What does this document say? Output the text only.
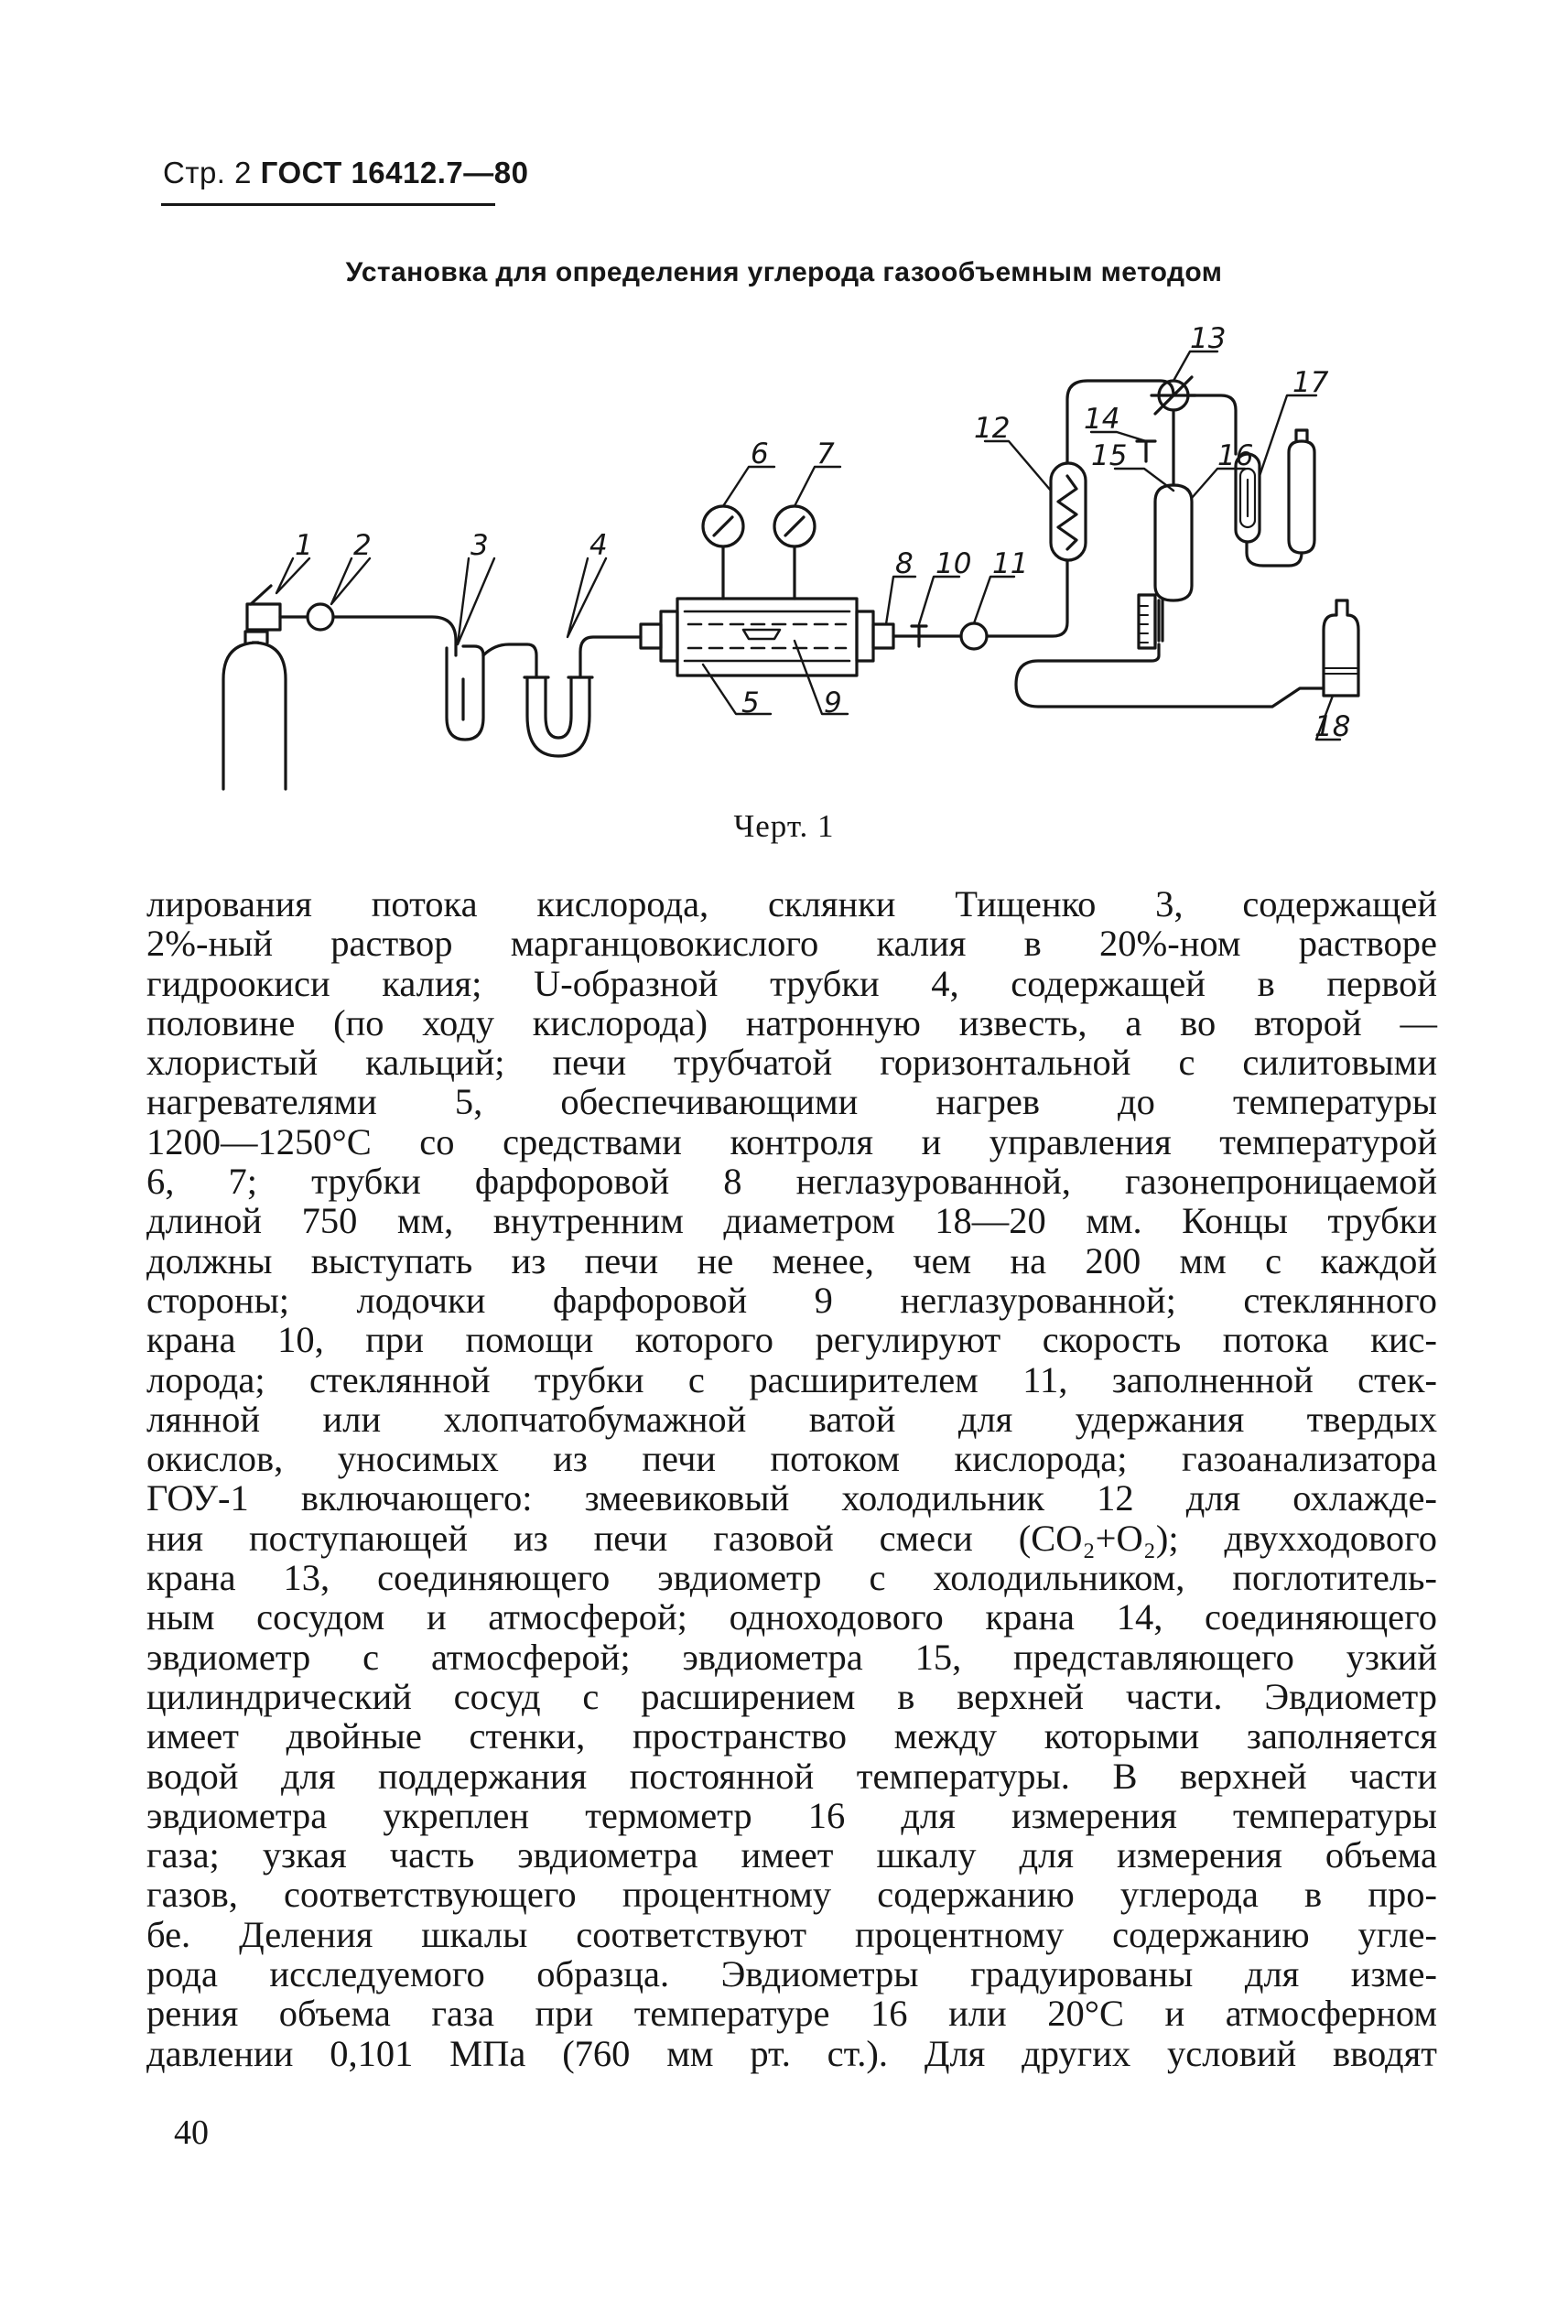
Стр. 2 ГОСТ 16412.7—80
Установка для определения углерода газообъемным методом
1 2	3	4
5
6 7
8
9
10 11
12
13
14
15	16
17
18
Черт. 1
лирования потока кислорода, склянки Тищенко 3, содержащей
2%-ный раствор марганцовокислого калия в 20%-ном растворе
гидроокиси калия; U-образной трубки 4, содержащей в первой
половине (по ходу кислорода) натронную известь, а во второй —
хлористый кальций; печи трубчатой горизонтальной с силитовыми
нагревателями 5, обеспечивающими нагрев до температуры
1200—1250°С со средствами контроля и управления температурой
6, 7; трубки фарфоровой 8 неглазурованной, газонепроницаемой
длиной 750 мм, внутренним диаметром 18—20 мм. Концы трубки
должны выступать из печи не менее, чем на 200 мм с каждой
стороны; лодочки фарфоровой 9 неглазурованной; стеклянного
крана 10, при помощи которого регулируют скорость потока кис-
лорода; стеклянной трубки с расширителем 11, заполненной стек-
лянной или хлопчатобумажной ватой для удержания твердых
окислов, уносимых из печи потоком кислорода; газоанализатора
ГОУ-1 включающего: змеевиковый холодильник 12 для охлажде-
ния поступающей из печи газовой смеси (СО₂+О₂); двухходового
крана 13, соединяющего эвдиометр с холодильником, поглотитель-
ным сосудом и атмосферой; одноходового крана 14, соединяющего
эвдиометр с атмосферой; эвдиометра 15, представляющего узкий
цилиндрический сосуд с расширением в верхней части. Эвдиометр
имеет двойные стенки, пространство между которыми заполняется
водой для поддержания постоянной температуры. В верхней части
эвдиометра укреплен термометр 16 для измерения температуры
газа; узкая часть эвдиометра имеет шкалу для измерения объема
газов, соответствующего процентному содержанию углерода в про-
бе. Деления шкалы соответствуют процентному содержанию угле-
рода исследуемого образца. Эвдиометры градуированы для изме-
рения объема газа при температуре 16 или 20°С и атмосферном
давлении 0,101 МПа (760 мм рт. ст.). Для других условий вводят
40
